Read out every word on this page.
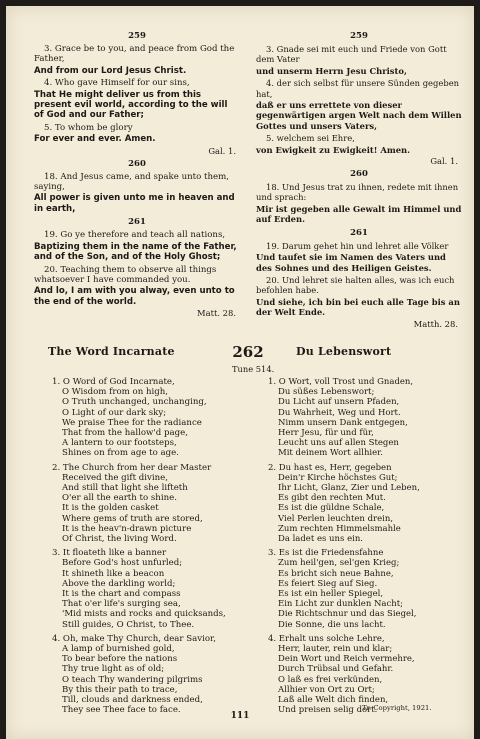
259

3. Grace be to you, and peace from God the Father,

And from our Lord Jesus Christ.

4. Who gave Himself for our sins,

That He might deliver us from this present evil world, according to the will of God and our Father;

5. To whom be glory

For ever and ever. Amen.

Gal. 1.
260

18. And Jesus came, and spake unto them, saying,

All power is given unto me in heaven and in earth,

261

19. Go ye therefore and teach all nations,

Baptizing them in the name of the Father, and of the Son, and of the Holy Ghost;

20. Teaching them to observe all things whatsoever I have commanded you.

And lo, I am with you alway, even unto to the end of the world.

Matt. 28.
259

3. Gnade sei mit euch und Friede von Gott dem Vater

und unserm Herrn Jesu Christo,

4. der sich selbst für unsere Sünden gegeben hat,

daß er uns errettete von dieser gegenwärtigen argen Welt nach dem Willen Gottes und unsers Vaters,

5. welchem sei Ehre,

von Ewigkeit zu Ewigkeit! Amen.

Gal. 1.
260

18. Und Jesus trat zu ihnen, redete mit ihnen und sprach:

Mir ist gegeben alle Gewalt im Himmel und auf Erden.

261

19. Darum gehet hin und lehret alle Völker

Und taufet sie im Namen des Vaters und des Sohnes und des Heiligen Geistes.

20. Und lehret sie halten alles, was ich euch befohlen habe.

Und siehe, ich bin bei euch alle Tage bis an der Welt Ende.

Matth. 28.
The Word Incarnate	262	Du Lebenswort
Tune 514.
1. O Word of God Incarnate,
O Wisdom from on high,
O Truth unchanged, unchanging,
O Light of our dark sky;
We praise Thee for the radiance
That from the hallow'd page,
A lantern to our footsteps,
Shines on from age to age.
2. The Church from her dear Master
Received the gift divine,
And still that light she lifteth
O'er all the earth to shine.
It is the golden casket
Where gems of truth are stored,
It is the heav'n-drawn picture
Of Christ, the living Word.
3. It floateth like a banner
Before God's host unfurled;
It shineth like a beacon
Above the darkling world;
It is the chart and compass
That o'er life's surging sea,
'Mid mists and rocks and quicksands,
Still guides, O Christ, to Thee.
4. Oh, make Thy Church, dear Savior,
A lamp of burnished gold,
To bear before the nations
Thy true light as of old;
O teach Thy wandering pilgrims
By this their path to trace,
Till, clouds and darkness ended,
They see Thee face to face.
1. O Wort, voll Trost und Gnaden,
Du süßes Lebenswort;
Du Licht auf unsern Pfaden,
Du Wahrheit, Weg und Hort.
Nimm unsern Dank entgegen,
Herr Jesu, für und für,
Leucht uns auf allen Stegen
Mit deinem Wort allhier.
2. Du hast es, Herr, gegeben
Dein'r Kirche höchstes Gut;
Ihr Licht, Glanz, Zier und Leben,
Es gibt den rechten Mut.
Es ist die güldne Schale,
Viel Perlen leuchten drein,
Zum rechten Himmelsmahle
Da ladet es uns ein.
3. Es ist die Friedensfahne
Zum heil'gen, sel'gen Krieg;
Es bricht sich neue Bahne,
Es feiert Sieg auf Sieg.
Es ist ein heller Spiegel,
Ein Licht zur dunklen Nacht;
Die Richtschnur und das Siegel,
Die Sonne, die uns lacht.
4. Erhalt uns solche Lehre,
Herr, lauter, rein und klar;
Dein Wort und Reich vermehre,
Durch Trübsal und Gefahr.
O laß es frei verkünden,
Allhier von Ort zu Ort;
Laß alle Welt dich finden,
Und preisen selig dort.
Tr. Copyright, 1921.
111
